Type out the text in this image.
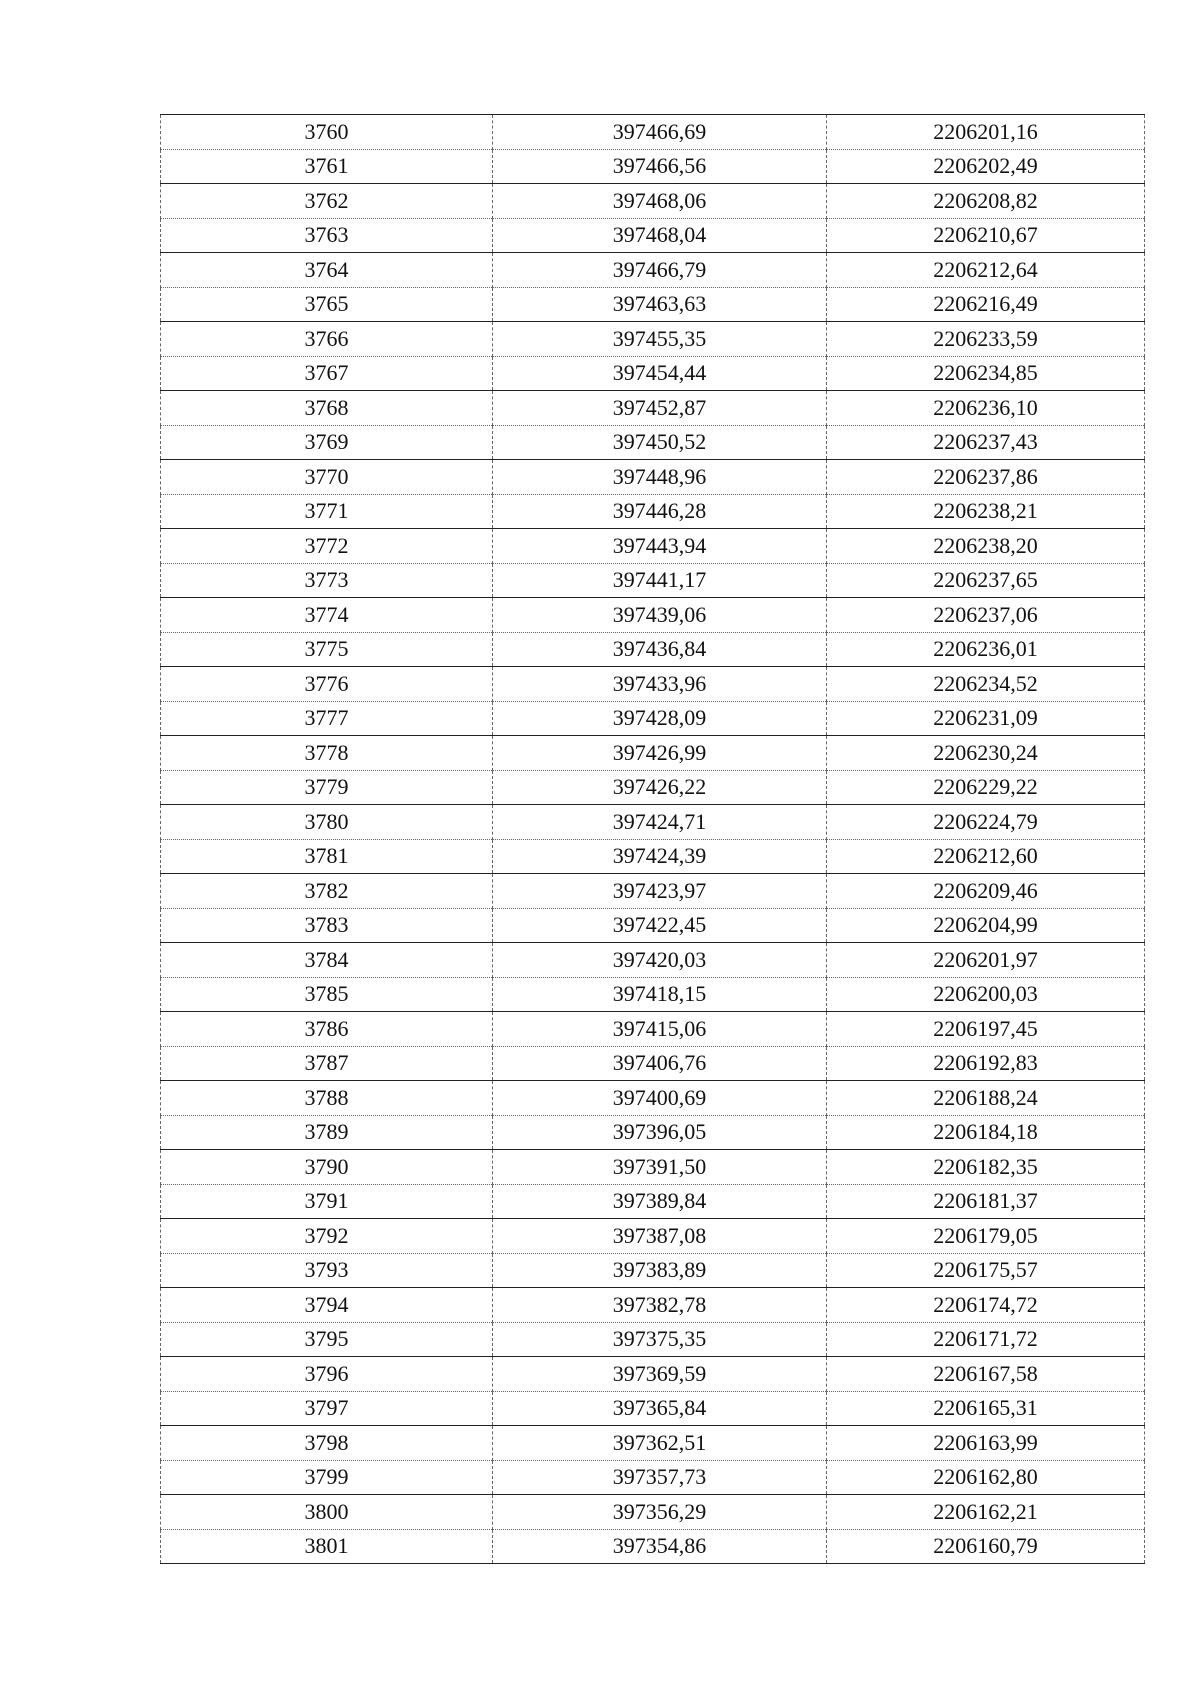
3760	397466,69	2206201,16
3761	397466,56	2206202,49
3762	397468,06	2206208,82
3763	397468,04	2206210,67
3764	397466,79	2206212,64
3765	397463,63	2206216,49
3766	397455,35	2206233,59
3767	397454,44	2206234,85
3768	397452,87	2206236,10
3769	397450,52	2206237,43
3770	397448,96	2206237,86
3771	397446,28	2206238,21
3772	397443,94	2206238,20
3773	397441,17	2206237,65
3774	397439,06	2206237,06
3775	397436,84	2206236,01
3776	397433,96	2206234,52
3777	397428,09	2206231,09
3778	397426,99	2206230,24
3779	397426,22	2206229,22
3780	397424,71	2206224,79
3781	397424,39	2206212,60
3782	397423,97	2206209,46
3783	397422,45	2206204,99
3784	397420,03	2206201,97
3785	397418,15	2206200,03
3786	397415,06	2206197,45
3787	397406,76	2206192,83
3788	397400,69	2206188,24
3789	397396,05	2206184,18
3790	397391,50	2206182,35
3791	397389,84	2206181,37
3792	397387,08	2206179,05
3793	397383,89	2206175,57
3794	397382,78	2206174,72
3795	397375,35	2206171,72
3796	397369,59	2206167,58
3797	397365,84	2206165,31
3798	397362,51	2206163,99
3799	397357,73	2206162,80
3800	397356,29	2206162,21
3801	397354,86	2206160,79
